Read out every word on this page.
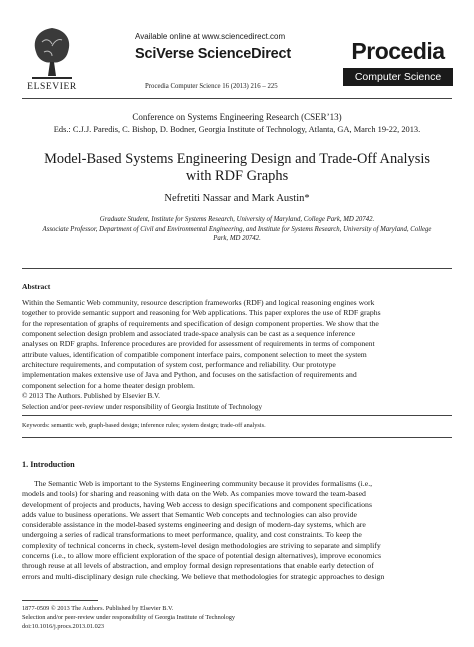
ELSEVIER
Available online at www.sciencedirect.com
SciVerse ScienceDirect
Procedia Computer Science 16 (2013) 216 – 225
Procedia
Computer Science
Conference on Systems Engineering Research (CSER’13)
Eds.: C.J.J. Paredis, C. Bishop, D. Bodner, Georgia Institute of Technology, Atlanta, GA, March 19-22, 2013.
Model-Based Systems Engineering Design and Trade-Off Analysis
with RDF Graphs
Nefretiti Nassar and Mark Austin*
Graduate Student, Institute for Systems Research, University of Maryland, College Park, MD 20742.
Associate Professor, Department of Civil and Environmental Engineering, and Institute for Systems Research, University of Maryland, College
Park, MD 20742.
Abstract
Within the Semantic Web community, resource description frameworks (RDF) and logical reasoning engines work
together to provide semantic support and reasoning for Web applications. This paper explores the use of RDF graphs
for the representation of graphs of requirements and specification of design component properties. We show that the
component selection design problem and associated trade-space analysis can be cast as a sequence inference
analyses on RDF graphs. Inference procedures are provided for assessment of requirements in terms of component
attribute values, identification of compatible component interface pairs, component selection to meet the system
architecture requirements, and computation of system cost, performance and reliability. Our prototype
implementation makes extensive use of Java and Python, and focuses on the satisfaction of requirements and
component selection for a home theater design problem.
© 2013 The Authors. Published by Elsevier B.V.
Selection and/or peer-review under responsibility of Georgia Institute of Technology
Keywords: semantic web, graph-based design; inference rules; system design; trade-off analysis.
1. Introduction
The Semantic Web is important to the Systems Engineering community because it provides formalisms (i.e.,
models and tools) for sharing and reasoning with data on the Web. As companies move toward the team-based
development of projects and products, having Web access to design specifications and component specifications
adds value to business operations. We assert that Semantic Web concepts and technologies can also provide
considerable assistance in the model-based systems engineering and design of modern-day systems, which are
undergoing a series of radical transformations to meet performance, quality, and cost constraints. To keep the
complexity of technical concerns in check, system-level design methodologies are striving to separate and simplify
concerns (i.e., to allow more efficient exploration of the space of potential design alternatives), improve economics
through reuse at all levels of abstraction, and employ formal design representations that enable early detection of
errors and multi-disciplinary design rule checking. We believe that methodologies for strategic approaches to design
1877-0509 © 2013 The Authors. Published by Elsevier B.V.
Selection and/or peer-review under responsibility of Georgia Institute of Technology
doi:10.1016/j.procs.2013.01.023
